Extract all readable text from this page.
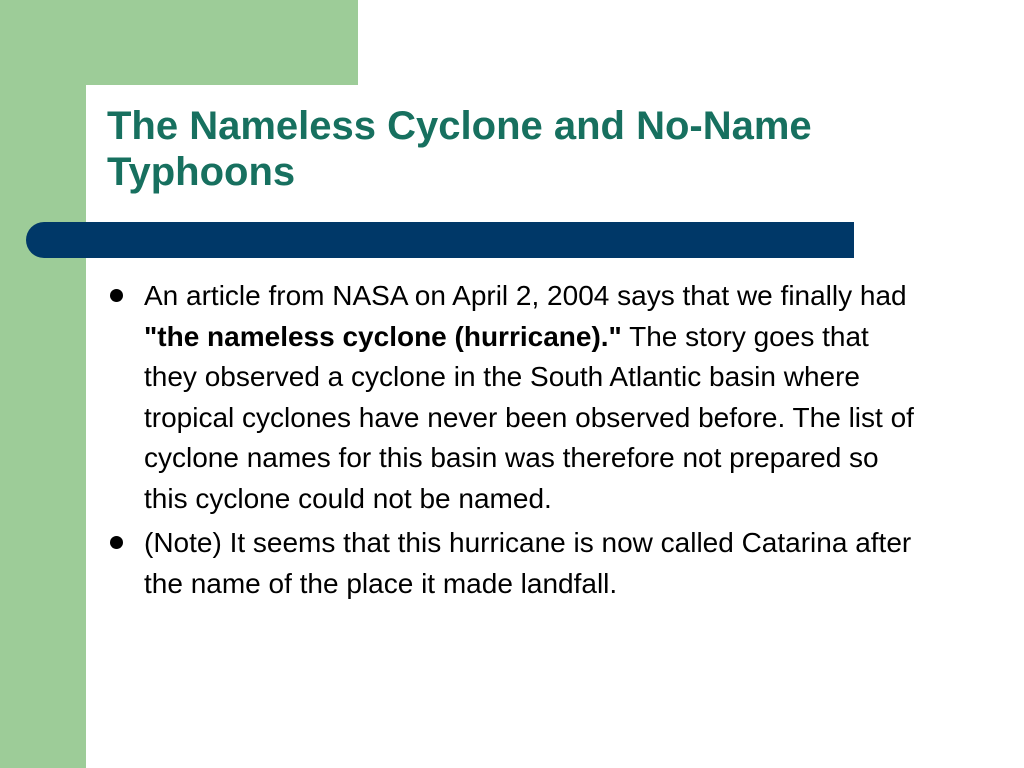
The Nameless Cyclone and No-Name Typhoons
An article from NASA on April 2, 2004 says that we finally had "the nameless cyclone (hurricane)." The story goes that they observed a cyclone in the South Atlantic basin where tropical cyclones have never been observed before. The list of cyclone names for this basin was therefore not prepared so this cyclone could not be named.
(Note) It seems that this hurricane is now called Catarina after the name of the place it made landfall.
